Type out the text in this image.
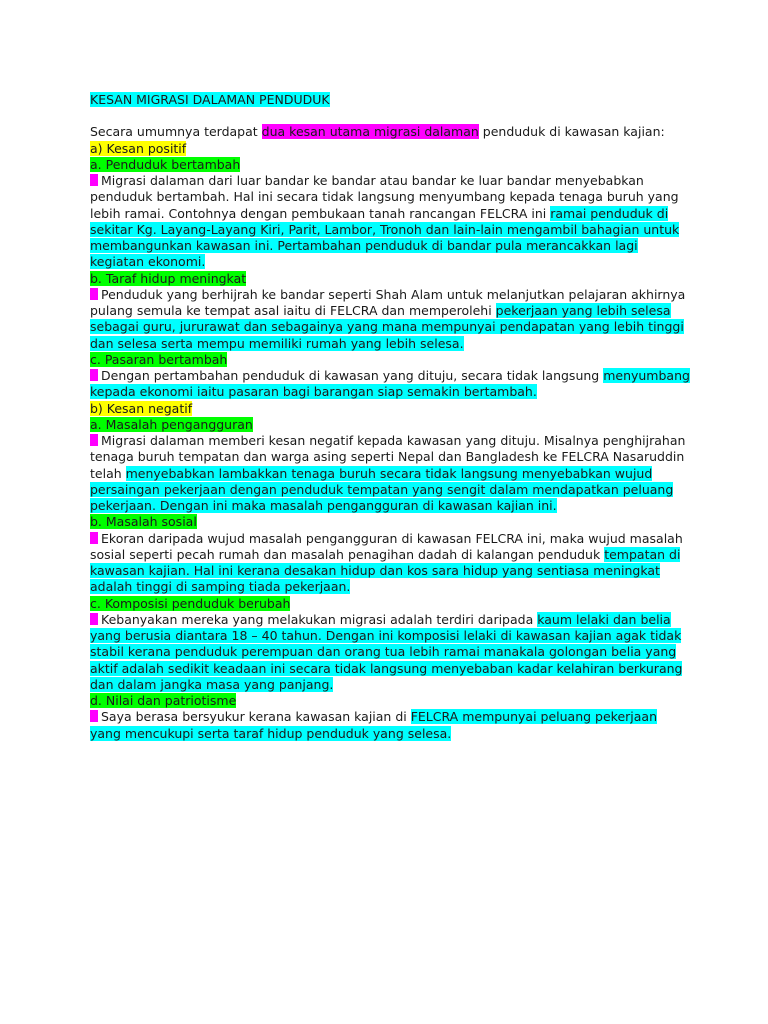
KESAN MIGRASI DALAMAN PENDUDUK
Secara umumnya terdapat dua kesan utama migrasi dalaman penduduk di kawasan kajian:
a) Kesan positif
a. Penduduk bertambah
Migrasi dalaman dari luar bandar ke bandar atau bandar ke luar bandar menyebabkan penduduk bertambah. Hal ini secara tidak langsung menyumbang kepada tenaga buruh yang lebih ramai. Contohnya dengan pembukaan tanah rancangan FELCRA ini ramai penduduk di sekitar Kg. Layang-Layang Kiri, Parit, Lambor, Tronoh dan lain-lain mengambil bahagian untuk membangunkan kawasan ini. Pertambahan penduduk di bandar pula merancakkan lagi kegiatan ekonomi.
b. Taraf hidup meningkat
Penduduk yang berhijrah ke bandar seperti Shah Alam untuk melanjutkan pelajaran akhirnya pulang semula ke tempat asal iaitu di FELCRA dan memperolehi pekerjaan yang lebih selesa sebagai guru, jururawat dan sebagainya yang mana mempunyai pendapatan yang lebih tinggi dan selesa serta mempu memiliki rumah yang lebih selesa.
c. Pasaran bertambah
Dengan pertambahan penduduk di kawasan yang dituju, secara tidak langsung menyumbang kepada ekonomi iaitu pasaran bagi barangan siap semakin bertambah.
b) Kesan negatif
a. Masalah pengangguran
Migrasi dalaman memberi kesan negatif kepada kawasan yang dituju. Misalnya penghijrahan tenaga buruh tempatan dan warga asing seperti Nepal dan Bangladesh ke FELCRA Nasaruddin telah menyebabkan lambakkan tenaga buruh secara tidak langsung menyebabkan wujud persaingan pekerjaan dengan penduduk tempatan yang sengit dalam mendapatkan peluang pekerjaan. Dengan ini maka masalah pengangguran di kawasan kajian ini.
b. Masalah sosial
Ekoran daripada wujud masalah pengangguran di kawasan FELCRA ini, maka wujud masalah sosial seperti pecah rumah dan masalah penagihan dadah di kalangan penduduk tempatan di kawasan kajian. Hal ini kerana desakan hidup dan kos sara hidup yang sentiasa meningkat adalah tinggi di samping tiada pekerjaan.
c. Komposisi penduduk berubah
Kebanyakan mereka yang melakukan migrasi adalah terdiri daripada kaum lelaki dan belia yang berusia diantara 18 – 40 tahun. Dengan ini komposisi lelaki di kawasan kajian agak tidak stabil kerana penduduk perempuan dan orang tua lebih ramai manakala golongan belia yang aktif adalah sedikit keadaan ini secara tidak langsung menyebaban kadar kelahiran berkurang dan dalam jangka masa yang panjang.
d. Nilai dan patriotisme
Saya berasa bersyukur kerana kawasan kajian di FELCRA mempunyai peluang pekerjaan yang mencukupi serta taraf hidup penduduk yang selesa.
